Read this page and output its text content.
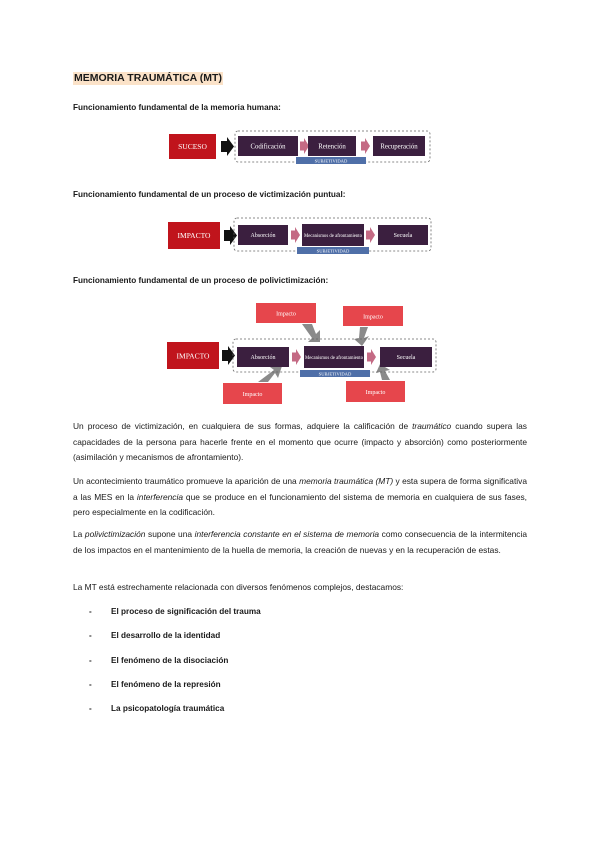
MEMORIA TRAUMÁTICA (MT)
Funcionamiento fundamental de la memoria humana:
SUCESO	Codificación	Retención	Recuperación
SUBJETIVIDAD
Funcionamiento fundamental de un proceso de victimización puntual:
IMPACTO	Absorción	Mecanismos de afrontamiento	Secuela
SUBJETIVIDAD
Funcionamiento fundamental de un proceso de polivictimización:
Impacto	Impacto
Impacto	Impacto
IMPACTO	Absorción	Mecanismos de afrontamiento	Secuela
SUBJETIVIDAD

Un proceso de victimización, en cualquiera de sus formas, adquiere la calificación de traumático cuando supera las capacidades de la persona para hacerle frente en el momento que ocurre (impacto y absorción) como posteriormente (asimilación y mecanismos de afrontamiento).

Un acontecimiento traumático promueve la aparición de una memoria traumática (MT) y esta supera de forma significativa a las MES en la interferencia que se produce en el funcionamiento del sistema de memoria en cualquiera de sus fases, pero especialmente en la codificación.

La polivictimización supone una interferencia constante en el sistema de memoria como consecuencia de la intermitencia de los impactos en el mantenimiento de la huella de memoria, la creación de nuevas y en la recuperación de estas.

La MT está estrechamente relacionada con diversos fenómenos complejos, destacamos:

- El proceso de significación del trauma
- El desarrollo de la identidad
- El fenómeno de la disociación
- El fenómeno de la represión
- La psicopatología traumática
